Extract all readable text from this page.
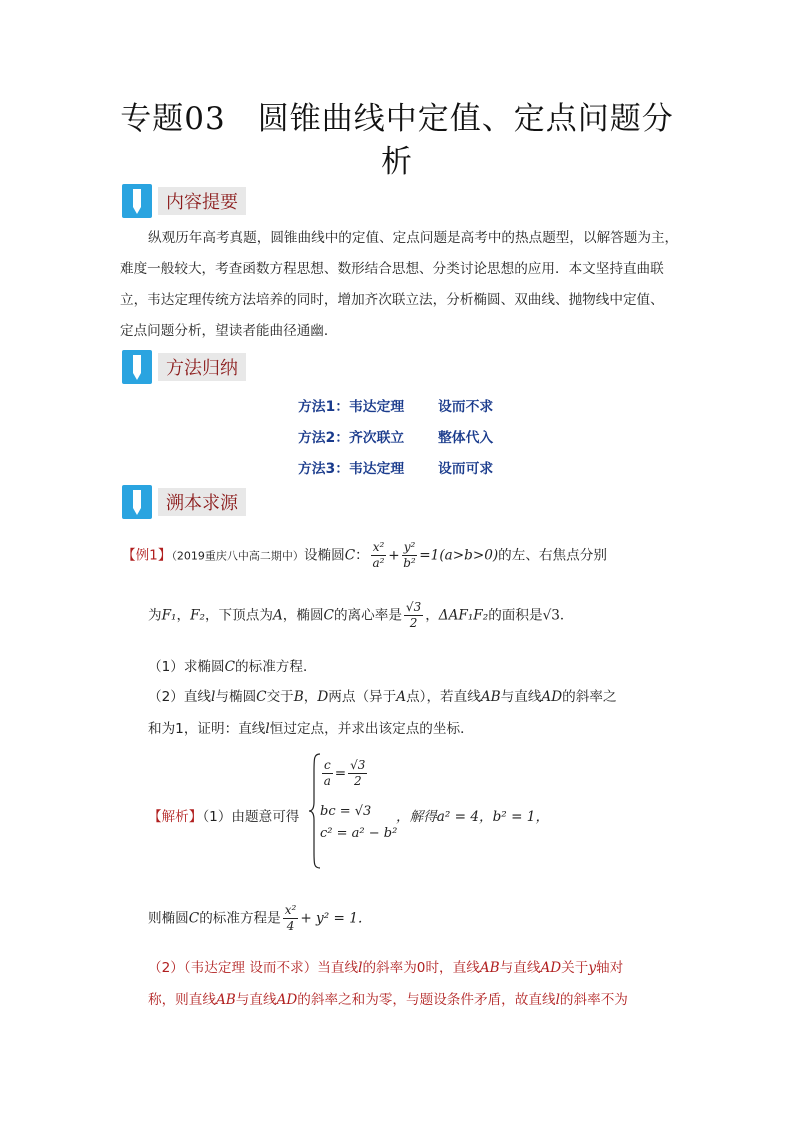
专题03　圆锥曲线中定值、定点问题分
析
内容提要
纵观历年高考真题，圆锥曲线中的定值、定点问题是高考中的热点题型，以解答题为主，
难度一般较大，考查函数方程思想、数形结合思想、分类讨论思想的应用．本文坚持直曲联
立，韦达定理传统方法培养的同时，增加齐次联立法，分析椭圆、双曲线、抛物线中定值、
定点问题分析，望读者能曲径通幽．
方法归纳
方法1：韦达定理 设而不求
方法2：齐次联立 整体代入
方法3：韦达定理 设而可求
溯本求源
【例1】（2019重庆八中高二期中）设椭圆C： $\frac{\text{x²}}{\text{a²}} + \frac{\text{y²}}{\text{b²}} =1(a>b>0)$的左、右焦点分别
为F₁，F₂，下顶点为A，椭圆C的离心率是 $\frac{√3}{2}$ ，ΔAF₁F₂的面积是√3．
（1）求椭圆C的标准方程．
（2）直线l与椭圆C交于B，D两点（异于A点），若直线AB与直线AD的斜率之
和为1，证明：直线l恒过定点，并求出该定点的坐标．
【解析】（1）由题意可得
$\frac{c}{a} = \frac{√3}{2}$
bc = √3
c² = a² − b²
，解得a² = 4，b² = 1，
则椭圆C的标准方程是 $\frac{\text{x²}}{4} + y^2 = 1$．
（2）（韦达定理 设而不求）当直线l的斜率为0时，直线AB与直线AD关于y轴对
称，则直线AB与直线AD的斜率之和为零，与题设条件矛盾，故直线l的斜率不为
